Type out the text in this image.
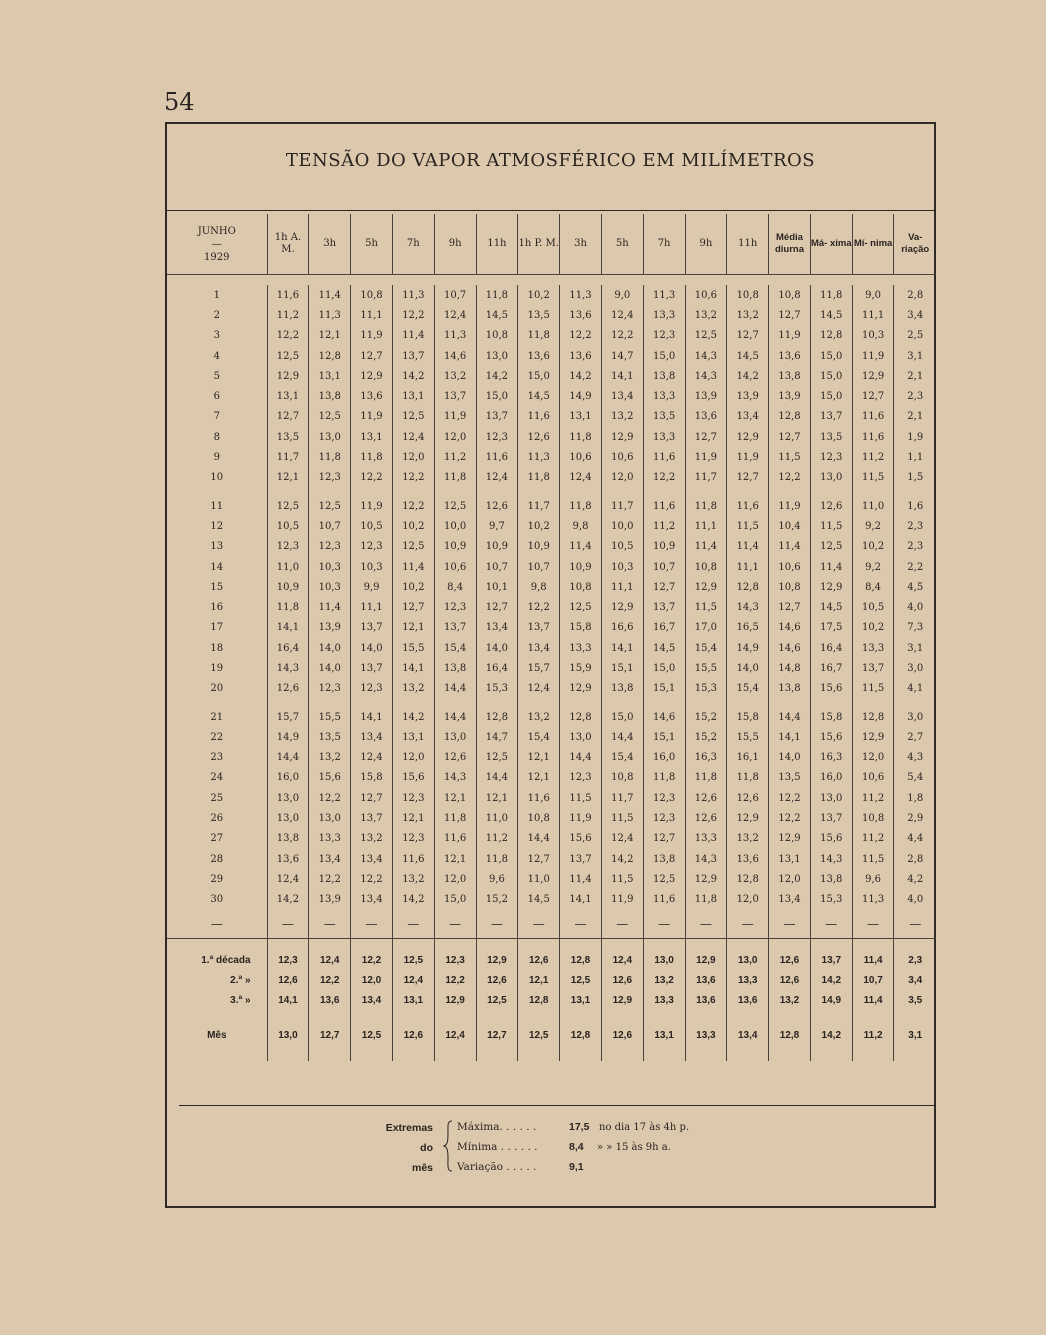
54
TENSÃO DO VAPOR ATMOSFÉRICO EM MILÍMETROS
JUNHO
—
1929	1h A. M.	3h	5h	7h	9h	11h	1h P. M.	3h	5h	7h	9h	11h	Média diurna	Má- xima	Mí- nima	Va- riação

1	11,6	11,4	10,8	11,3	10,7	11,8	10,2	11,3	9,0	11,3	10,6	10,8	10,8	11,8	9,0	2,8
2	11,2	11,3	11,1	12,2	12,4	14,5	13,5	13,6	12,4	13,3	13,2	13,2	12,7	14,5	11,1	3,4
3	12,2	12,1	11,9	11,4	11,3	10,8	11,8	12,2	12,2	12,3	12,5	12,7	11,9	12,8	10,3	2,5
4	12,5	12,8	12,7	13,7	14,6	13,0	13,6	13,6	14,7	15,0	14,3	14,5	13,6	15,0	11,9	3,1
5	12,9	13,1	12,9	14,2	13,2	14,2	15,0	14,2	14,1	13,8	14,3	14,2	13,8	15,0	12,9	2,1
6	13,1	13,8	13,6	13,1	13,7	15,0	14,5	14,9	13,4	13,3	13,9	13,9	13,9	15,0	12,7	2,3
7	12,7	12,5	11,9	12,5	11,9	13,7	11,6	13,1	13,2	13,5	13,6	13,4	12,8	13,7	11,6	2,1
8	13,5	13,0	13,1	12,4	12,0	12,3	12,6	11,8	12,9	13,3	12,7	12,9	12,7	13,5	11,6	1,9
9	11,7	11,8	11,8	12,0	11,2	11,6	11,3	10,6	10,6	11,6	11,9	11,9	11,5	12,3	11,2	1,1
10	12,1	12,3	12,2	12,2	11,8	12,4	11,8	12,4	12,0	12,2	11,7	12,7	12,2	13,0	11,5	1,5

11	12,5	12,5	11,9	12,2	12,5	12,6	11,7	11,8	11,7	11,6	11,8	11,6	11,9	12,6	11,0	1,6
12	10,5	10,7	10,5	10,2	10,0	9,7	10,2	9,8	10,0	11,2	11,1	11,5	10,4	11,5	9,2	2,3
13	12,3	12,3	12,3	12,5	10,9	10,9	10,9	11,4	10,5	10,9	11,4	11,4	11,4	12,5	10,2	2,3
14	11,0	10,3	10,3	11,4	10,6	10,7	10,7	10,9	10,3	10,7	10,8	11,1	10,6	11,4	9,2	2,2
15	10,9	10,3	9,9	10,2	8,4	10,1	9,8	10,8	11,1	12,7	12,9	12,8	10,8	12,9	8,4	4,5
16	11,8	11,4	11,1	12,7	12,3	12,7	12,2	12,5	12,9	13,7	11,5	14,3	12,7	14,5	10,5	4,0
17	14,1	13,9	13,7	12,1	13,7	13,4	13,7	15,8	16,6	16,7	17,0	16,5	14,6	17,5	10,2	7,3
18	16,4	14,0	14,0	15,5	15,4	14,0	13,4	13,3	14,1	14,5	15,4	14,9	14,6	16,4	13,3	3,1
19	14,3	14,0	13,7	14,1	13,8	16,4	15,7	15,9	15,1	15,0	15,5	14,0	14,8	16,7	13,7	3,0
20	12,6	12,3	12,3	13,2	14,4	15,3	12,4	12,9	13,8	15,1	15,3	15,4	13,8	15,6	11,5	4,1

21	15,7	15,5	14,1	14,2	14,4	12,8	13,2	12,8	15,0	14,6	15,2	15,8	14,4	15,8	12,8	3,0
22	14,9	13,5	13,4	13,1	13,0	14,7	15,4	13,0	14,4	15,1	15,2	15,5	14,1	15,6	12,9	2,7
23	14,4	13,2	12,4	12,0	12,6	12,5	12,1	14,4	15,4	16,0	16,3	16,1	14,0	16,3	12,0	4,3
24	16,0	15,6	15,8	15,6	14,3	14,4	12,1	12,3	10,8	11,8	11,8	11,8	13,5	16,0	10,6	5,4
25	13,0	12,2	12,7	12,3	12,1	12,1	11,6	11,5	11,7	12,3	12,6	12,6	12,2	13,0	11,2	1,8
26	13,0	13,0	13,7	12,1	11,8	11,0	10,8	11,9	11,5	12,3	12,6	12,9	12,2	13,7	10,8	2,9
27	13,8	13,3	13,2	12,3	11,6	11,2	14,4	15,6	12,4	12,7	13,3	13,2	12,9	15,6	11,2	4,4
28	13,6	13,4	13,4	11,6	12,1	11,8	12,7	13,7	14,2	13,8	14,3	13,6	13,1	14,3	11,5	2,8
29	12,4	12,2	12,2	13,2	12,0	9,6	11,0	11,4	11,5	12,5	12,9	12,8	12,0	13,8	9,6	4,2
30	14,2	13,9	13,4	14,2	15,0	15,2	14,5	14,1	11,9	11,6	11,8	12,0	13,4	15,3	11,3	4,0
—	—	—	—	—	—	—	—	—	—	—	—	—	—	—	—	—

1.ª década	12,3	12,4	12,2	12,5	12,3	12,9	12,6	12,8	12,4	13,0	12,9	13,0	12,6	13,7	11,4	2,3
2.ª »	12,6	12,2	12,0	12,4	12,2	12,6	12,1	12,5	12,6	13,2	13,6	13,3	12,6	14,2	10,7	3,4
3.ª »	14,1	13,6	13,4	13,1	12,9	12,5	12,8	13,1	12,9	13,3	13,6	13,6	13,2	14,9	11,4	3,5

Mês	13,0	12,7	12,5	12,6	12,4	12,7	12,5	12,8	12,6	13,1	13,3	13,4	12,8	14,2	11,2	3,1

Extremas
do
mês
Máxima. . . . . .	17,5 no dia 17 às 4h p.
Mínima . . . . . .	8,4 » » 15 às 9h a.
Variação . . . . .	9,1
